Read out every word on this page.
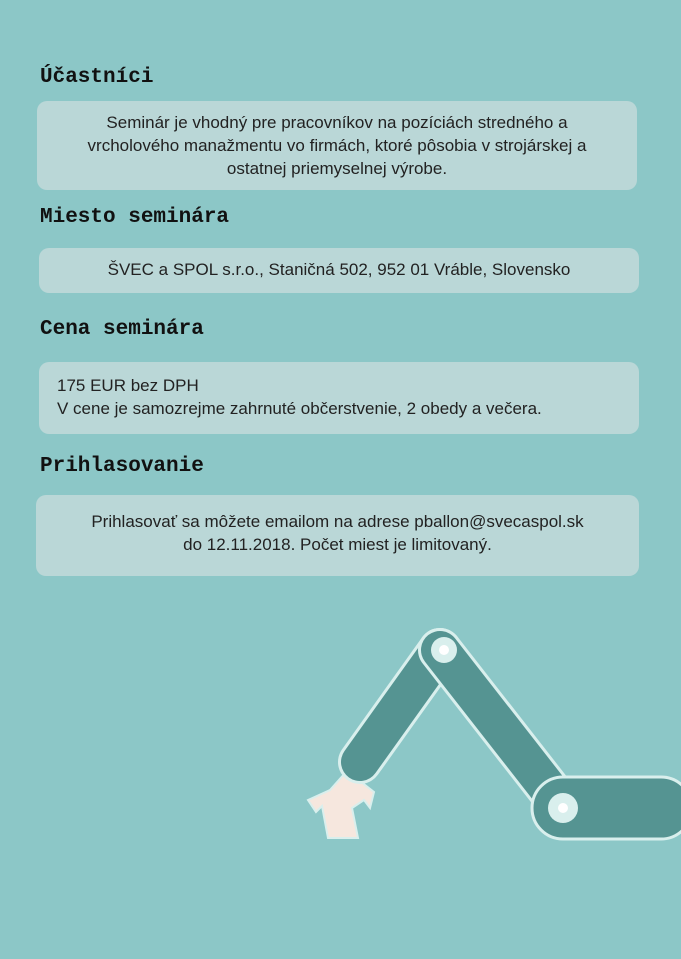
Účastníci

Seminár je vhodný pre pracovníkov na pozíciách stredného a

vrcholového manažmentu vo firmách, ktoré pôsobia v strojárskej a

ostatnej priemyselnej výrobe.

Miesto seminára

ŠVEC a SPOL s.r.o., Staničná 502, 952 01 Vráble, Slovensko

Cena seminára

175 EUR bez DPH

V cene je samozrejme zahrnuté občerstvenie, 2 obedy a večera.

Prihlasovanie

Prihlasovať sa môžete emailom na adrese pballon@svecaspol.sk

do 12.11.2018. Počet miest je limitovaný.
